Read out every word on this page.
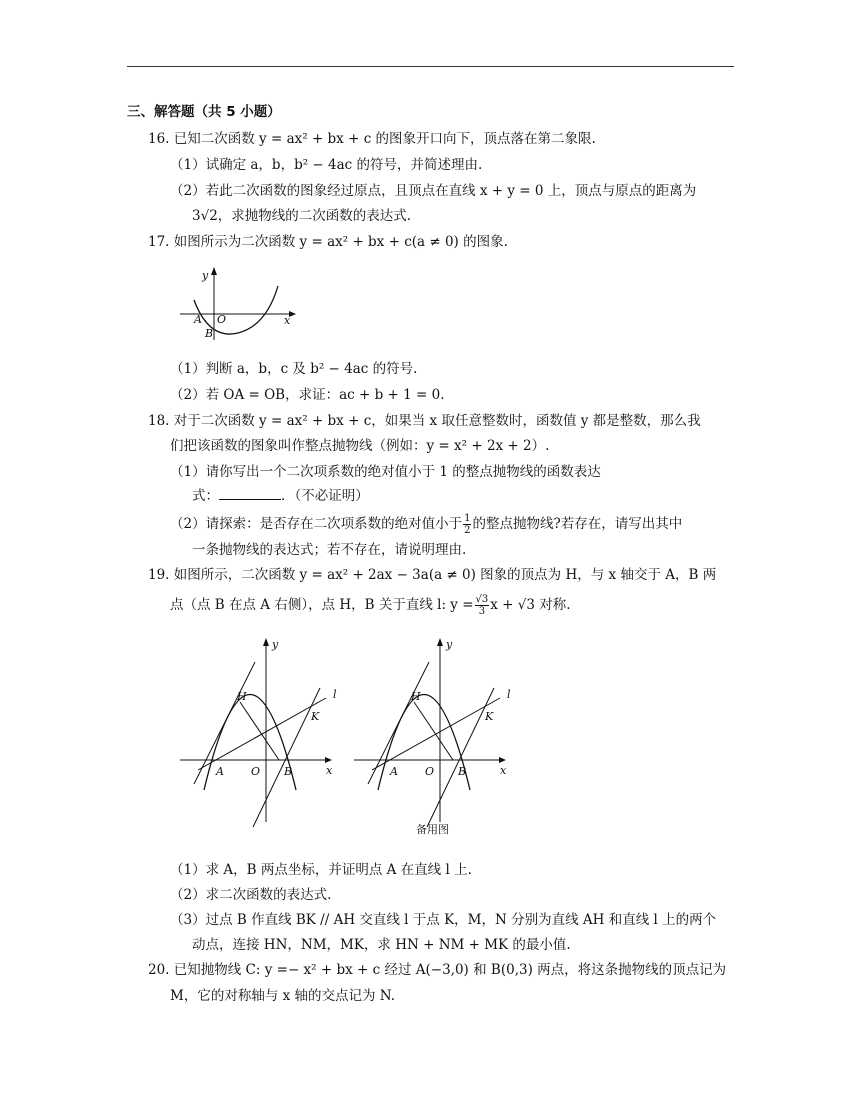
三、解答题（共 5 小题）
16. 已知二次函数 y = ax² + bx + c 的图象开口向下，顶点落在第二象限.
（1）试确定 a，b，b² − 4ac 的符号，并简述理由.
（2）若此二次函数的图象经过原点，且顶点在直线 x + y = 0 上，顶点与原点的距离为
3√2，求抛物线的二次函数的表达式.
17. 如图所示为二次函数 y = ax² + bx + c(a ≠ 0) 的图象.
y
x
A O
B
（1）判断 a，b，c 及 b² − 4ac 的符号.
（2）若 OA = OB，求证：ac + b + 1 = 0.
18. 对于二次函数 y = ax² + bx + c，如果当 x 取任意整数时，函数值 y 都是整数，那么我
们把该函数的图象叫作整点抛物线（例如：y = x² + 2x + 2）.
（1）请你写出一个二次项系数的绝对值小于 1 的整点抛物线的函数表达
式：	．（不必证明）
（2）请探索：是否存在二次项系数的绝对值小于 $\frac{1}{2}$ 的整点抛物线?若存在，请写出其中
一条抛物线的表达式；若不存在，请说明理由.
19. 如图所示，二次函数 y = ax² + 2ax − 3a(a ≠ 0) 图象的顶点为 H，与 x 轴交于 A，B 两
点（点 B 在点 A 右侧），点 H，B 关于直线 l: $y = \frac{√3}{3}$ x + √3 对称.
H
K
l
y
x
A O B
H
K
l
y
x
A O B
备用图
（1）求 A，B 两点坐标，并证明点 A 在直线 l 上.
（2）求二次函数的表达式.
（3）过点 B 作直线 BK // AH 交直线 l 于点 K，M，N 分别为直线 AH 和直线 l 上的两个
动点，连接 HN，NM，MK，求 HN + NM + MK 的最小值.
20. 已知抛物线 C: y =− x² + bx + c 经过 A(−3,0) 和 B(0,3) 两点，将这条抛物线的顶点记为
M，它的对称轴与 x 轴的交点记为 N.
